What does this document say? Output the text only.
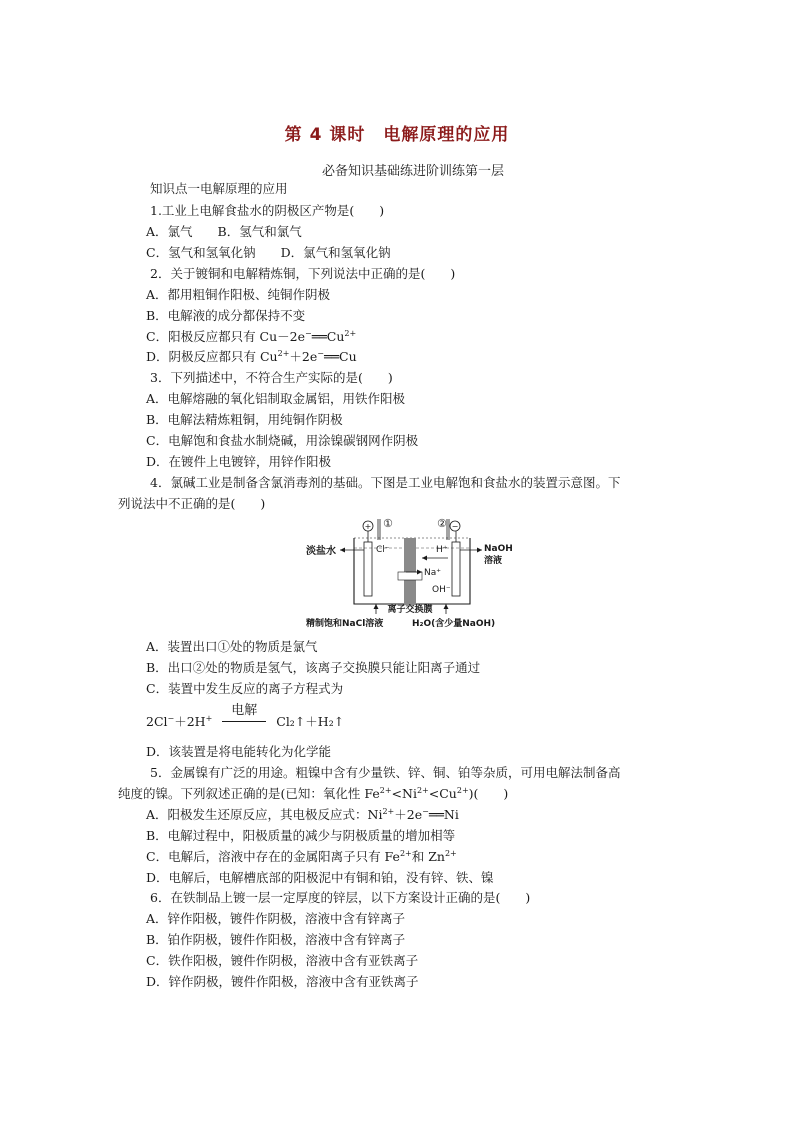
第 4 课时　电解原理的应用
必备知识基础练进阶训练第一层
知识点一电解原理的应用
1.工业上电解食盐水的阴极区产物是(　　)
A．氯气　　B．氢气和氯气
C．氢气和氢氧化钠　　D．氯气和氢氧化钠
2．关于镀铜和电解精炼铜，下列说法中正确的是(　　)
A．都用粗铜作阳极、纯铜作阴极
B．电解液的成分都保持不变
C．阳极反应都只有 $Cu-2e^-══Cu^{2+}$
D．阴极反应都只有 $Cu^{2+}+2e^-══Cu$
3．下列描述中，不符合生产实际的是(　　)
A．电解熔融的氧化铝制取金属铝，用铁作阳极
B．电解法精炼粗铜，用纯铜作阴极
C．电解饱和食盐水制烧碱，用涂镍碳钢网作阴极
D．在镀件上电镀锌，用锌作阳极
4．氯碱工业是制备含氯消毒剂的基础。下图是工业电解饱和食盐水的装置示意图。下
列说法中不正确的是(　　)
+	−
①	②
Cl⁻	H⁺
Na⁺
OH⁻
淡盐水	NaOH
溶液
离子交换膜
精制饱和NaCl溶液	H₂O(含少量NaOH)
A．装置出口①处的物质是氯气
B．出口②处的物质是氢气，该离子交换膜只能让阳离子通过
C．装置中发生反应的离子方程式为
2Cl−＋2H+
电解
Cl₂↑＋H₂↑
D．该装置是将电能转化为化学能
5．金属镍有广泛的用途。粗镍中含有少量铁、锌、铜、铂等杂质，可用电解法制备高
纯度的镍。下列叙述正确的是(已知：氧化性 $Fe^{2+}<Ni^{2+}<Cu^{2+}$)(　　)
A．阳极发生还原反应，其电极反应式：$Ni^{2+}+2e^-══Ni$
B．电解过程中，阳极质量的减少与阴极质量的增加相等
C．电解后，溶液中存在的金属阳离子只有 $Fe^{2+}$和 $Zn^{2+}$
D．电解后，电解槽底部的阳极泥中有铜和铂，没有锌、铁、镍
6．在铁制品上镀一层一定厚度的锌层，以下方案设计正确的是(　　)
A．锌作阳极，镀件作阴极，溶液中含有锌离子
B．铂作阴极，镀件作阳极，溶液中含有锌离子
C．铁作阳极，镀件作阴极，溶液中含有亚铁离子
D．锌作阴极，镀件作阳极，溶液中含有亚铁离子
